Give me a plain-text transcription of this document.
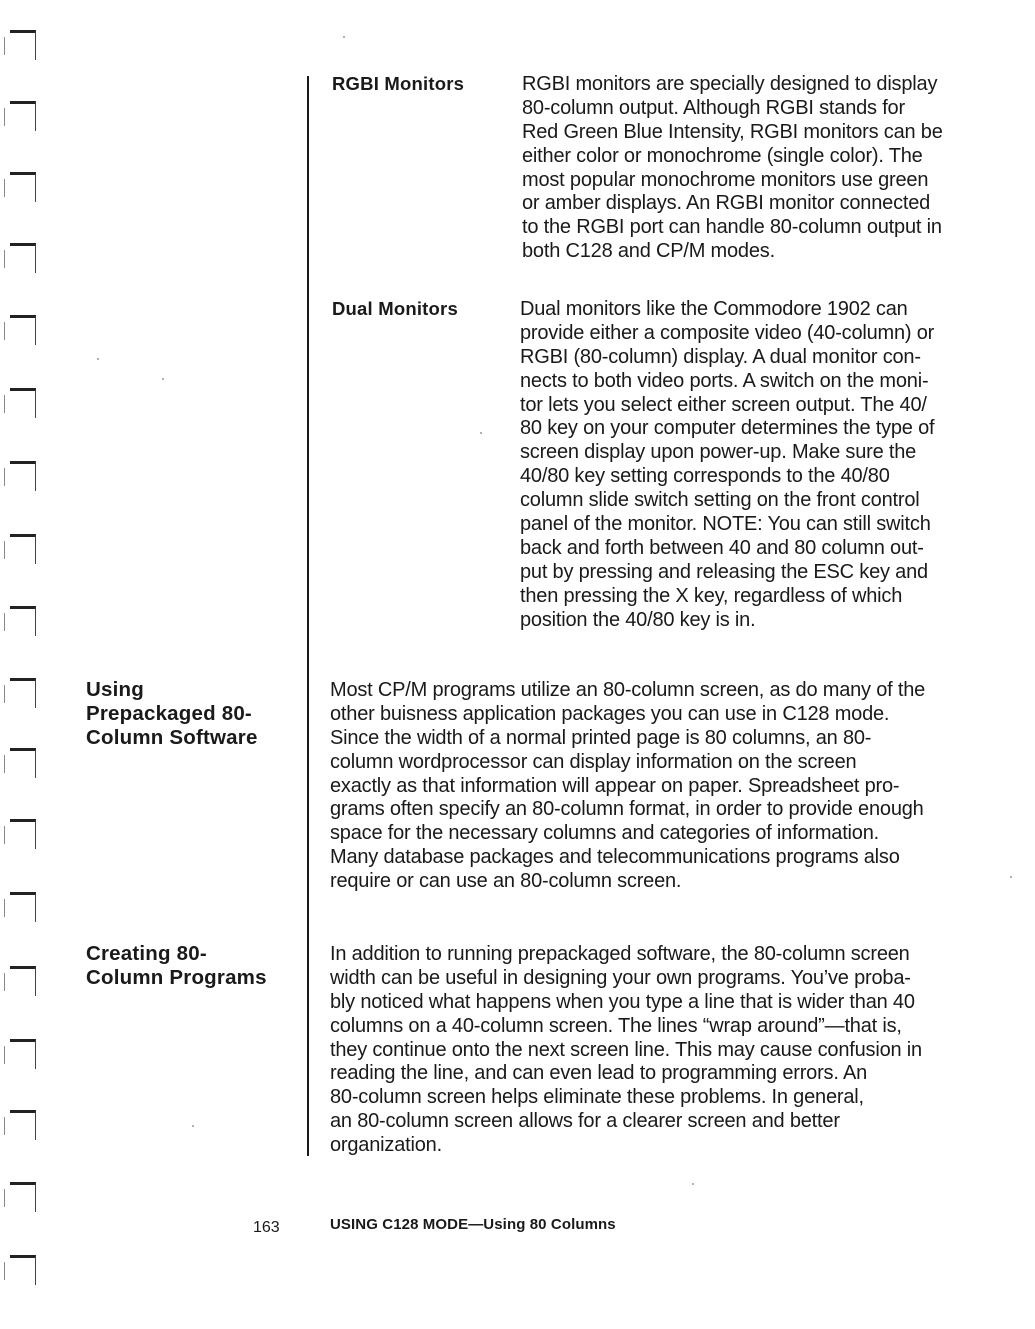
RGBI Monitors	RGBI monitors are specially designed to display
80-column output. Although RGBI stands for
Red Green Blue Intensity, RGBI monitors can be
either color or monochrome (single color). The
most popular monochrome monitors use green
or amber displays. An RGBI monitor connected
to the RGBI port can handle 80-column output in
both C128 and CP/M modes.
Dual Monitors	Dual monitors like the Commodore 1902 can
provide either a composite video (40-column) or
RGBI (80-column) display. A dual monitor con-
nects to both video ports. A switch on the moni-
tor lets you select either screen output. The 40/
80 key on your computer determines the type of
screen display upon power-up. Make sure the
40/80 key setting corresponds to the 40/80
column slide switch setting on the front control
panel of the monitor. NOTE: You can still switch
back and forth between 40 and 80 column out-
put by pressing and releasing the ESC key and
then pressing the X key, regardless of which
position the 40/80 key is in.
Using
Prepackaged 80-
Column Software
Most CP/M programs utilize an 80-column screen, as do many of the
other buisness application packages you can use in C128 mode.
Since the width of a normal printed page is 80 columns, an 80-
column wordprocessor can display information on the screen
exactly as that information will appear on paper. Spreadsheet pro-
grams often specify an 80-column format, in order to provide enough
space for the necessary columns and categories of information.
Many database packages and telecommunications programs also
require or can use an 80-column screen.
Creating 80-
Column Programs
In addition to running prepackaged software, the 80-column screen
width can be useful in designing your own programs. You’ve proba-
bly noticed what happens when you type a line that is wider than 40
columns on a 40-column screen. The lines “wrap around”—that is,
they continue onto the next screen line. This may cause confusion in
reading the line, and can even lead to programming errors. An
80-column screen helps eliminate these problems. In general,
an 80-column screen allows for a clearer screen and better
organization.
163	USING C128 MODE—Using 80 Columns
